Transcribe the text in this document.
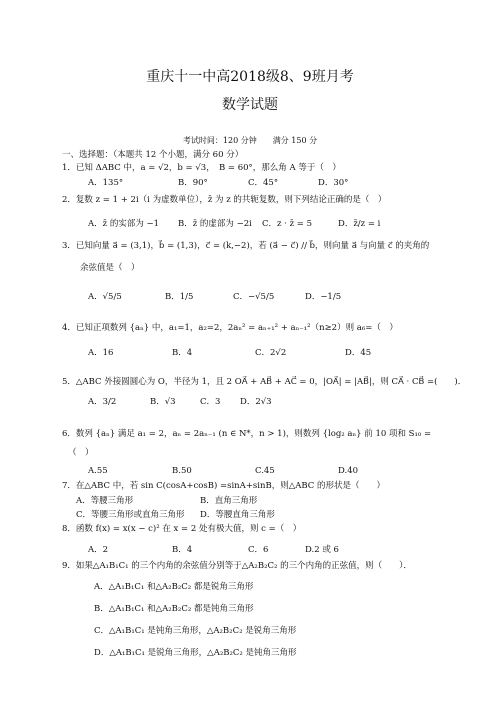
重庆十一中高2018级8、9班月考
数学试题
考试时间：120 分钟　　满分 150 分
一、选择题：（本题共 12 个小题，满分 60 分）
1．已知 ΔABC 中，a = √2，b = √3，　B = 60°，那么角 A 等于（　）
A．135°	B．90°	C．45°	D．30°
2．复数 z = 1 + 2i（i 为虚数单位），z̄ 为 z 的共轭复数，则下列结论正确的是（　）
A．z̄ 的实部为 −1 B．z̄ 的虚部为 −2i C．z · z̄ = 5	D．z̄/z = i
3．已知向量 a⃗ = (3,1)，b⃗ = (1,3)，c⃗ = (k,−2)，若 (a⃗ − c⃗) // b⃗，则向量 a⃗ 与向量 c⃗ 的夹角的
余弦值是（　）
A．√5/5	B．1/5	C．−√5/5	D．−1/5
4．已知正项数列 {aₙ} 中，a₁=1，a₂=2，2aₙ² = aₙ₊₁² + aₙ₋₁²（n≥2）则 a₆=（　）
A．16	B．4	C．2√2	D．45
5．△ABC 外接圆圆心为 O，半径为 1，且 2 OA⃗ + AB⃗ + AC⃗ = 0，|OA⃗| = |AB⃗|，则 CA⃗ · CB⃗ =(　　)．
A．3/2	B．√3	C．3 D．2√3
6．数列 {aₙ} 满足 a₁ = 2，aₙ = 2aₙ₋₁ (n ∈ N*，n > 1)，则数列 {log₂ aₙ} 前 10 项和 S₁₀ =
（　）
A.55	B.50	C.45	D.40
7．在△ABC 中，若 sin C(cosA+cosB) =sinA+sinB，则△ABC 的形状是（　　）
A．等腰三角形	B．直角三角形
C．等腰三角形或直角三角形 D．等腰直角三角形
8．函数 f(x) = x(x − c)² 在 x = 2 处有极大值，则 c =（　）
A．2	B．4	C．6	D.2 或 6
9．如果△A₁B₁C₁ 的三个内角的余弦值分别等于△A₂B₂C₂ 的三个内角的正弦值，则（　　）．
A．△A₁B₁C₁ 和△A₂B₂C₂ 都是锐角三角形
B．△A₁B₁C₁ 和△A₂B₂C₂ 都是钝角三角形
C．△A₁B₁C₁ 是钝角三角形，△A₂B₂C₂ 是锐角三角形
D．△A₁B₁C₁ 是锐角三角形，△A₂B₂C₂ 是钝角三角形
